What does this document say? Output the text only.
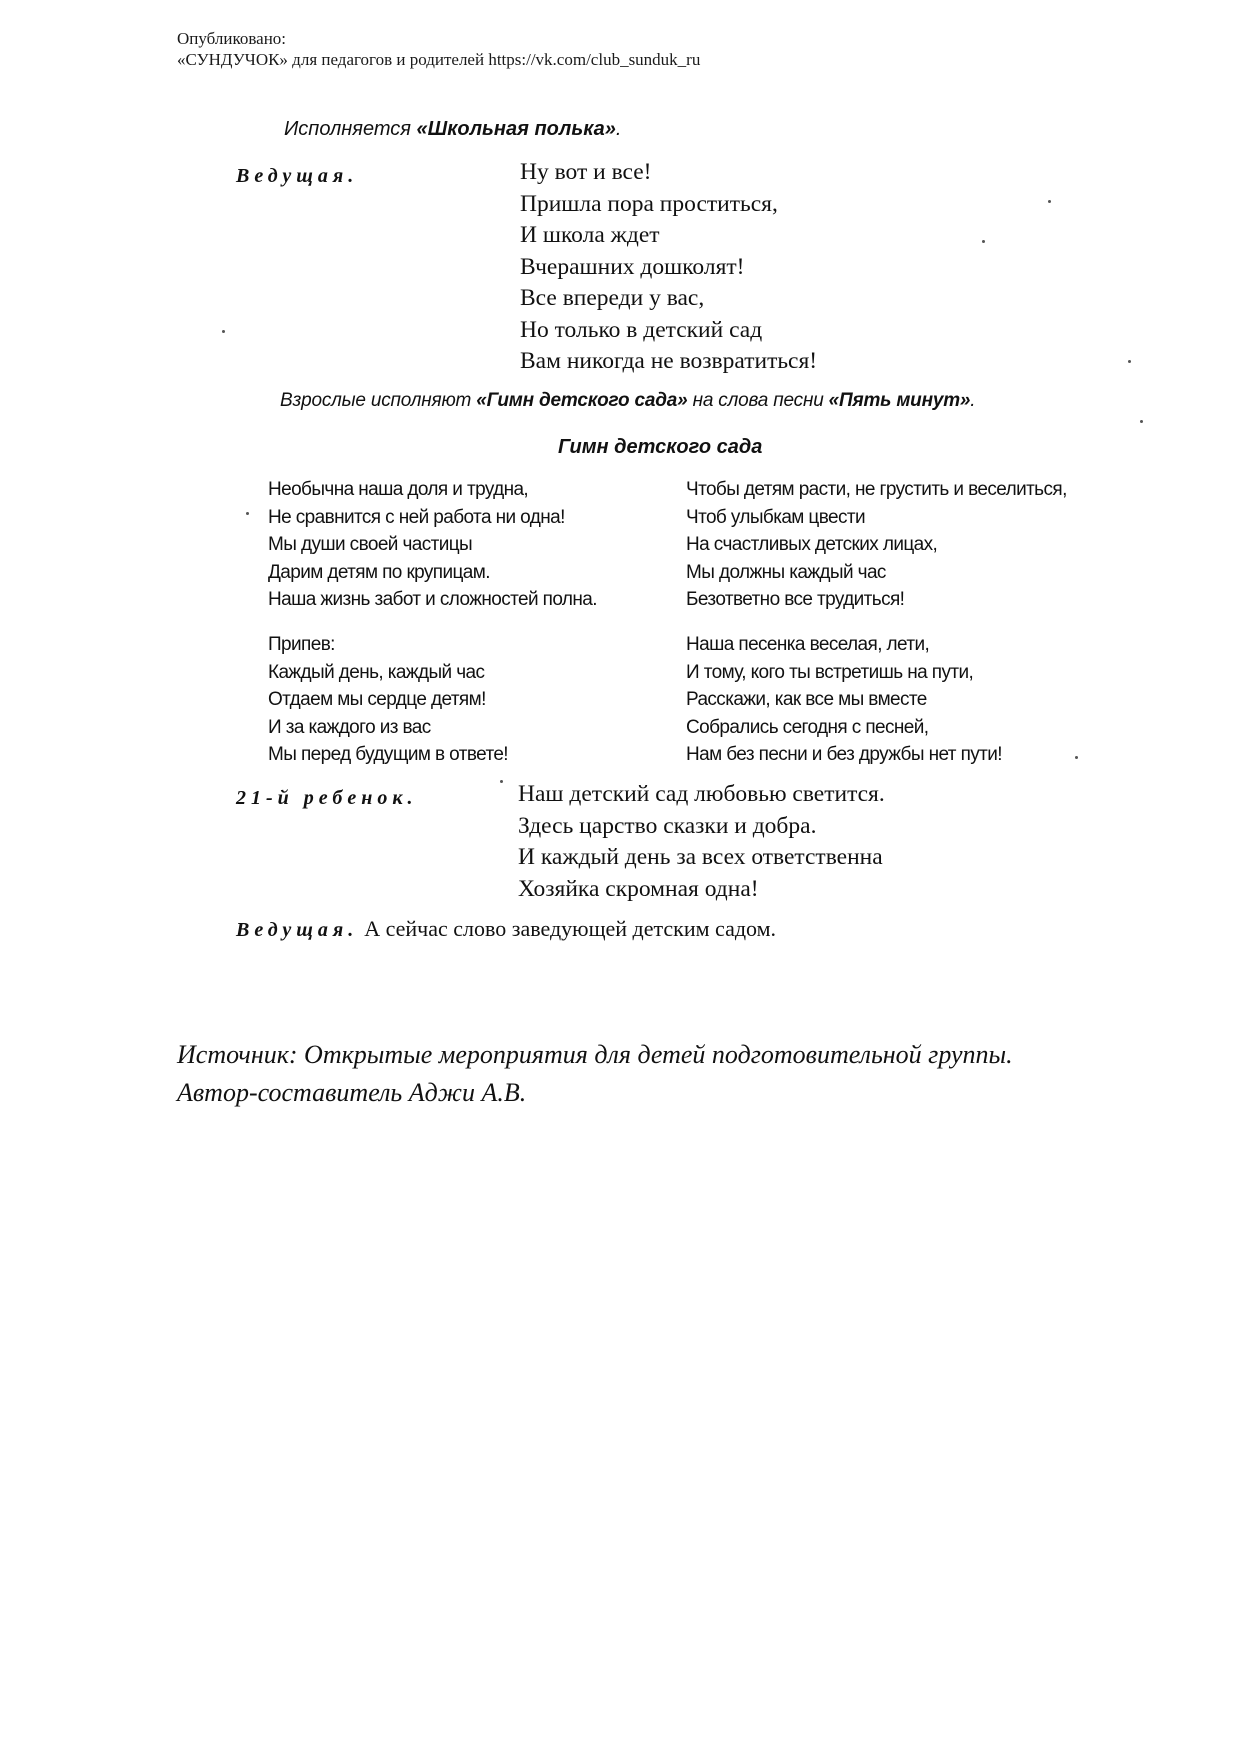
Опубликовано:
«СУНДУЧОК» для педагогов и родителей https://vk.com/club_sunduk_ru
Исполняется «Школьная полька».
Ведущая.	Ну вот и все!
Пришла пора проститься,
И школа ждет
Вчерашних дошколят!
Все впереди у вас,
Но только в детский сад
Вам никогда не возвратиться!
Взрослые исполняют «Гимн детского сада» на слова песни «Пять минут».
Гимн детского сада
Необычна наша доля и трудна,
Не сравнится с ней работа ни одна!
Мы души своей частицы
Дарим детям по крупицам.
Наша жизнь забот и сложностей полна.
Чтобы детям расти, не грустить и веселиться,
Чтоб улыбкам цвести
На счастливых детских лицах,
Мы должны каждый час
Безответно все трудиться!
Припев:
Каждый день, каждый час
Отдаем мы сердце детям!
И за каждого из вас
Мы перед будущим в ответе!
Наша песенка веселая, лети,
И тому, кого ты встретишь на пути,
Расскажи, как все мы вместе
Собрались сегодня с песней,
Нам без песни и без дружбы нет пути!
21-й ребенок.	Наш детский сад любовью светится.
Здесь царство сказки и добра.
И каждый день за всех ответственна
Хозяйка скромная одна!
Ведущая. А сейчас слово заведующей детским садом.
Источник: Открытые мероприятия для детей подготовительной группы.
Автор-составитель Аджи А.В.
